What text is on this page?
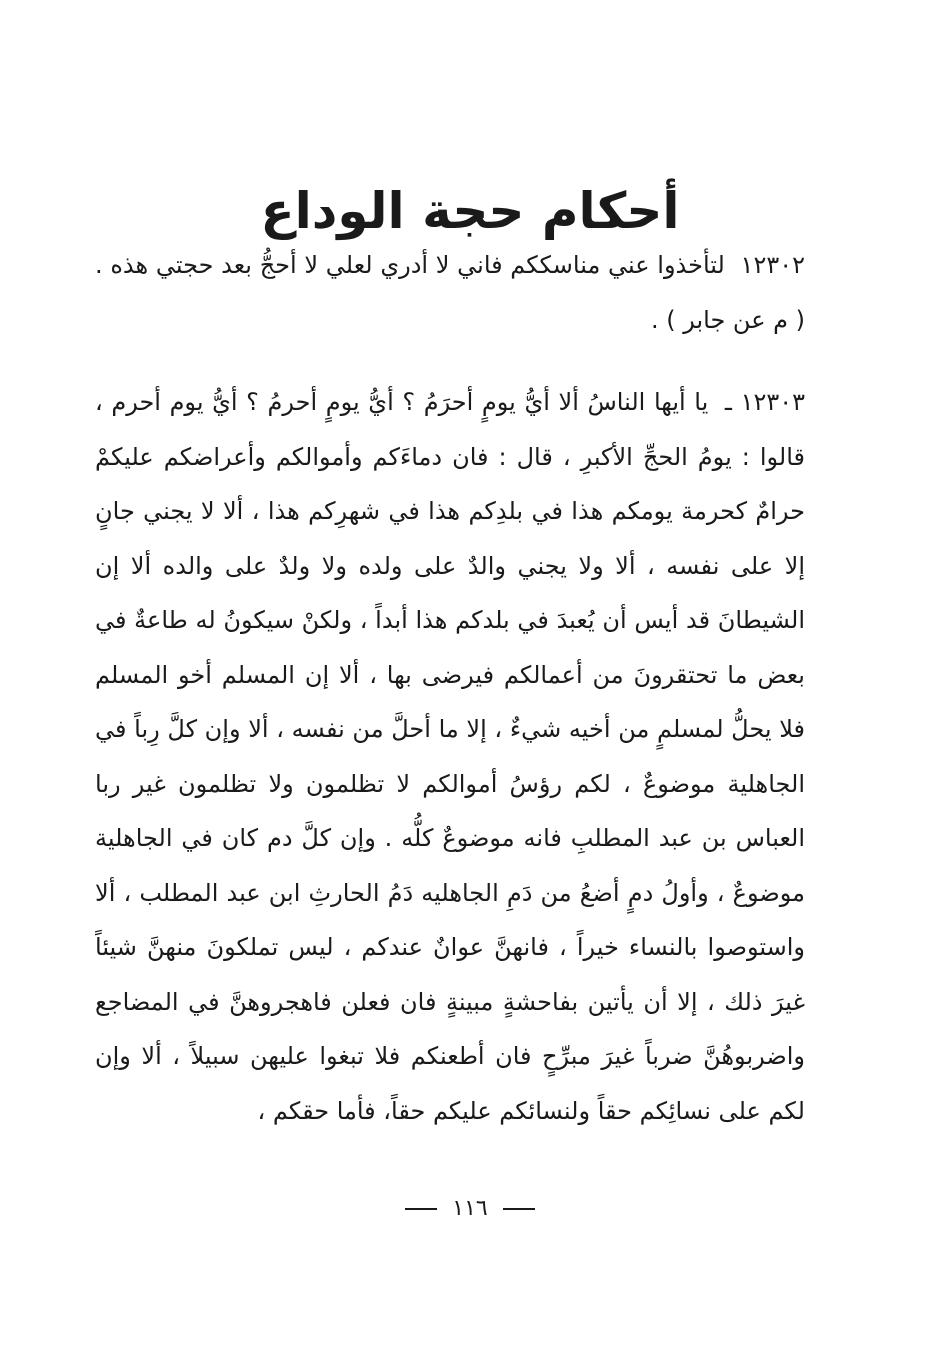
أحكام حجة الوداع

١٢٣٠٢ لتأخذوا عني مناسككم فاني لا أدري لعلي لا أحجُّ بعد حجتي هذه . ( م عن جابر ) .

١٢٣٠٣ ـ يا أيها الناسُ ألا أيُّ يومٍ أحرَمُ ؟ أيُّ يومٍ أحرمُ ؟ أيُّ يوم أحرم ، قالوا : يومُ الحجِّ الأكبرِ ، قال : فان دماءَكم وأموالكم وأعراضكم عليكمْ حرامٌ كحرمة يومكم هذا في بلدِكم هذا في شهرِكم هذا ، ألا لا يجني جانٍ إلا على نفسه ، ألا ولا يجني والدٌ على ولده ولا ولدٌ على والده ألا إن الشيطانَ قد أيس أن يُعبدَ في بلدكم هذا أبداً ، ولكنْ سيكونُ له طاعةٌ في بعض ما تحتقرونَ من أعمالكم فيرضى بها ، ألا إن المسلم أخو المسلم فلا يحلُّ لمسلمٍ من أخيه شيءٌ ، إلا ما أحلَّ من نفسه ، ألا وإن كلَّ رِباً في الجاهلية موضوعٌ ، لكم رؤسُ أموالكم لا تظلمون ولا تظلمون غير ربا العباس بن عبد المطلبِ فانه موضوعٌ كلُّه . وإن كلَّ دم كان في الجاهلية موضوعٌ ، وأولُ دمٍ أضعُ من دَمِ الجاهليه دَمُ الحارثِ ابن عبد المطلب ، ألا واستوصوا بالنساء خيراً ، فانهنَّ عوانٌ عندكم ، ليس تملكونَ منهنَّ شيئاً غيرَ ذلك ، إلا أن يأتين بفاحشةٍ مبينةٍ فان فعلن فاهجروهنَّ في المضاجع واضربوهُنَّ ضرباً غيرَ مبرِّحٍ فان أطعنكم فلا تبغوا عليهن سبيلاً ، ألا وإن لكم على نسائِكم حقاً ولنسائكم عليكم حقاً، فأما حقكم ،

١١٦
